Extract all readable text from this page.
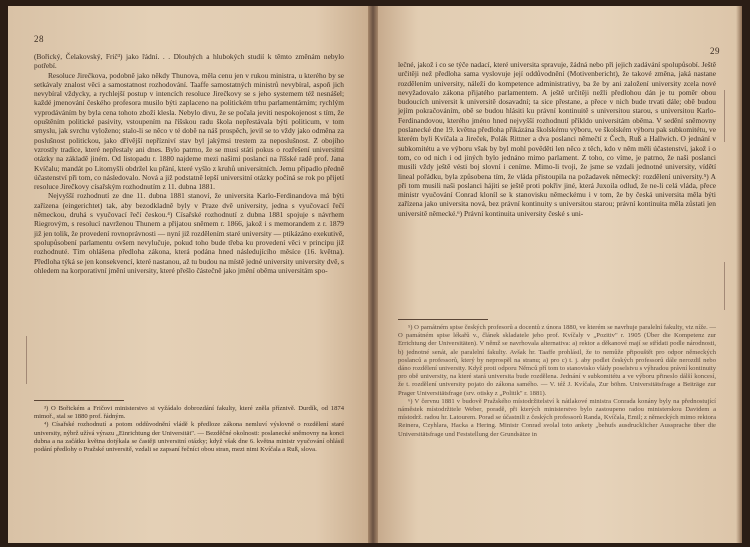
28

(Bořický, Čelakovský, Frič³) jako řádní. . . Dlouhých a hlubokých studií k těmto změnám nebylo potřebí.

Resoluce Jirečkova, podobně jako někdy Thunova, měla cenu jen v rukou ministra, u kterého by se setkávaly znalost věci a samostatnost rozhodování. Taaffe samostatných ministrů nevybíral, aspoň jich nevybíral vždycky, a rychlejší postup v intencích resoluce Jirečkovy se s jeho systemem též nesnášel; každé jmenování českého profesora musilo býti zaplaceno na politickém trhu parlamentárním; rychlým vyprodáváním by byla cena tohoto zboží klesla. Nebylo divu, že se počala jeviti nespokojenost s tím, že opuštěním politické pasivity, vstoupením na říšskou radu škola nepřestávala býti politicum, v tom smyslu, jak svrchu vyloženo; stalo-li se něco v té době na náš prospěch, jevil se to vždy jako odměna za poslušnost politickou, jako dřívější nepřízniví stav byl jakýmsi trestem za neposlušnost. Z obojího vzrostly tradice, které nepřestaly ani dnes. Bylo patrno, že se musí státi pokus o rozřešení universitní otázky na základě jiném. Od listopadu r. 1880 najdeme mezi našimi poslanci na říšské radě prof. Jana Kvíčalu; mandát po Litomyšli obdržel ku přání, které vyšlo z kruhů universitních. Jemu připadlo předně účastenství při tom, co následovalo. Nová a již podstatně lepší universitní otázky počíná se rok po přijetí resoluce Jirečkovy císařským rozhodnutím z 11. dubna 1881.

Nejvyšší rozhodnutí ze dne 11. dubna 1881 stanoví, že universita Karlo-Ferdinandova má býti zařízena (eingerichtet) tak, aby bezodkladně byly v Praze dvě university, jedna s vyučovací řečí německou, druhá s vyučovací řečí českou.⁴) Císařské rozhodnutí z dubna 1881 spojuje s návrhem Riegrovým, s resolucí navrženou Thunem a přijatou sněmem r. 1866, jakož i s memorandem z r. 1879 již jen tolik, že provedení rovnoprávnosti — nyní již rozdělením staré university — ptikázáno exekutivě, spolupůsobení parlamentu ovšem nevylučuje, pokud toho bude třeba ku provedení věci v principu již rozhodnuté. Tím ohlášena předloha zákona, která podána hned následujícího měsíce (16. května). Předloha týká se jen konsekvencí, které nastanou, až tu budou na místě jedné university university dvě, s ohledem na korporativní jmění university, které přešlo částečně jako jmění oběma universitám spo-

³) O Bořickém a Fričovi ministerstvo si vyžádalo dobrozdání fakulty, které zněla příznivě. Durdík, od 1874 mimoř., stal se 1880 prof. řádným.

⁴) Císařské rozhodnutí a potom oddůvodnění vládě k předloze zákona nemluví výslovně o rozdělení staré university, nýbrž užívá výrazu „Einrichtung der Universität". — Bezděčné okolnosti: poslanecké sněmovny na konci dubna a na začátku května dotýkala se častěji universitní otázky; když však dne 6. května ministr vyučování ohlásil podání předlohy o Pražské universitě, vzdali se zapsaní řečníci obou stran, mezi nimi Kvíčala a Ruß, slova.

29

lečné, jakož i co se týče nadací, které universita spravuje, žádná nebo při jejich zadávání spolupůsobí. Ještě určitěji než předloha sama vyslovuje její oddůvodnění (Motivenbericht), že takové změna, jaká nastane rozdělením university, náleží do kompetence administrativy, ba že by ani založení university zcela nové nevyžadovalo zákona přijatého parlamentem. A ještě určitěji nežli předlohou dán je tu poměr obou budoucích universit k universitě dosavadní; ta sice přestane, a přece v nich bude trvati dále; obě budou jejím pokračováním, obě se budou hlásiti ku právní kontinuitě s universitou starou, s universitou Karlo-Ferdinandovou, kterého jméno hned nejvyšší rozhodnutí příkldo universitám oběma. V sedění sněmovny poslanecké dne 19. května předloha přikázána školskému výboru, ve školském výboru pak subkomitétu, ve kterém byli Kvíčala a Jireček, Polák Rittner a dva poslanci němečtí z Čech, Ruß a Hallwich. O jednání v subkomitétu a ve výboru však by byl mohl pověděti len něco z těch, kdo v něm měli účastenství, jakož i o tom, co od nich i od jiných bylo jednáno mimo parlament. Z toho, co víme, je patrno, že naši poslanci musili vždy ještě vésti boj slovní i ceníme. Mimo-li tvoji, že jsme se vzdali jednotné university, vídětí lineal pořádku, byla způsobena tím, že vláda přistoupila na požadavek německý: rozdělení university.⁵) A při tom musili naši poslanci hájiti se ještě proti pokřiv jiné, která Juxoila odlud, že ne-li celá vláda, přece ministr vyučování Conrad kloníl se k stanovisku německému i v tom, že by česká universita měla býti zařízena jako universita nová, bez právní kontinuity s universitou starou; právní kontinuita měla zůstati jen universitě německé.⁶) Právní kontinuita university české s uni-

⁵) O památném spise českých profesorů a docentů z února 1880, ve kterém se navrhuje paralelní fakulty, viz níže. — O památném spise lékařů v., článek skladatele jeho prof. Kvíčaly v „Pozitiv" r. 1905 (Über die Kompetenz zur Errichtung der Universitäten). V němž se navrhovala alternativa: a) rektor a děkanové mají se střídati podle národnosti, b) jednotné senát, ale paralelní fakulty. Avšak hr. Taaffe prohlásil, že to nemůže připouštět pro odpor německých poslanců a professorů, který by neprospěl na stranu; a) pro c) t. j. aby podlet českých professorů dále nerozdil nebo dáno rozdělení university. Když proti odporu Němců pří tom to stanovisko vlády poselstvu s výhradou právní kontinuity pro obě university, na které stará universita bude rozdělena. Jednání v subkomitétu a ve výboru přineslo dálší koncesí, že t. rozdělení university pojato do zákona samého. — V. též J. Kvíčala, Zur böhm. Universitätsfrage a Beiträge zur Prager Universitätsfrage (srv. otisky z „Politik" r. 1881).

⁶) V červnu 1881 v budově Pražského místodržitelství k nátlakové ministra Conrada konány byly na přednostující náměstek místodržitele Weber, poradě, při kterých ministerstvo bylo zastoupeno radou ministerskou Davidem a místodrž. radou hr. Latourem. Porad se účastnili z českých professorů Randa, Kvíčala, Emil; z německých mimo rektora Reinera, Czyhlara, Hacka a Hering. Ministr Conrad svolal toto ankety „behufs ausdrucklicher Aussprache über die Universitätsfrage und Feststellung der Grundsätze in
